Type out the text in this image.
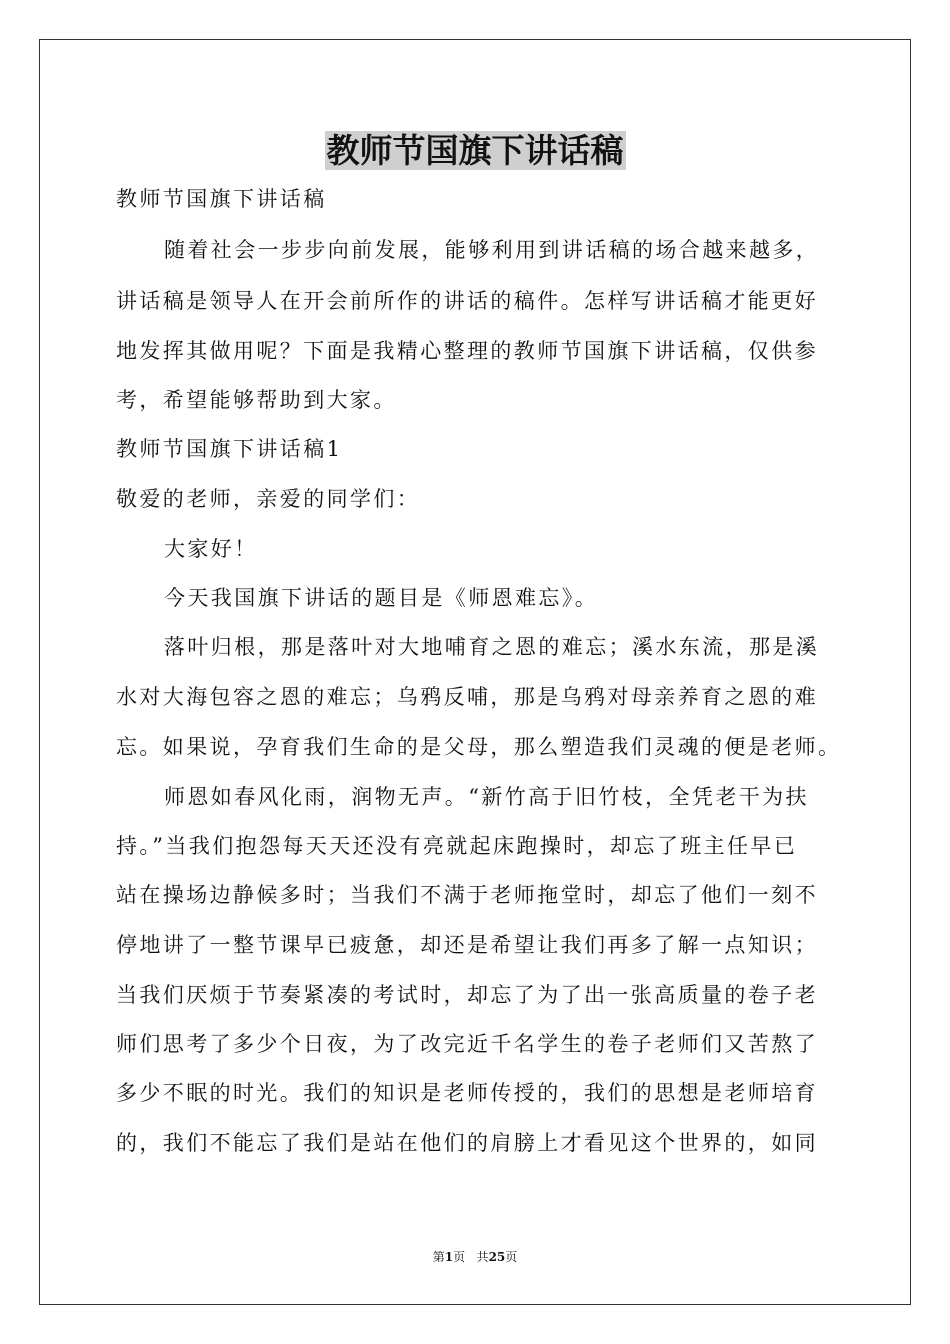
教师节国旗下讲话稿
教师节国旗下讲话稿
随着社会一步步向前发展，能够利用到讲话稿的场合越来越多，
讲话稿是领导人在开会前所作的讲话的稿件。怎样写讲话稿才能更好
地发挥其做用呢？下面是我精心整理的教师节国旗下讲话稿，仅供参
考，希望能够帮助到大家。
教师节国旗下讲话稿1
敬爱的老师，亲爱的同学们：
大家好！
今天我国旗下讲话的题目是《师恩难忘》。
落叶归根，那是落叶对大地哺育之恩的难忘；溪水东流，那是溪
水对大海包容之恩的难忘；乌鸦反哺，那是乌鸦对母亲养育之恩的难
忘。如果说，孕育我们生命的是父母，那么塑造我们灵魂的便是老师。
师恩如春风化雨，润物无声。“新竹高于旧竹枝，全凭老干为扶
持。”当我们抱怨每天天还没有亮就起床跑操时，却忘了班主任早已
站在操场边静候多时；当我们不满于老师拖堂时，却忘了他们一刻不
停地讲了一整节课早已疲惫，却还是希望让我们再多了解一点知识；
当我们厌烦于节奏紧凑的考试时，却忘了为了出一张高质量的卷子老
师们思考了多少个日夜，为了改完近千名学生的卷子老师们又苦熬了
多少不眠的时光。我们的知识是老师传授的，我们的思想是老师培育
的，我们不能忘了我们是站在他们的肩膀上才看见这个世界的，如同
第1页 共25页
